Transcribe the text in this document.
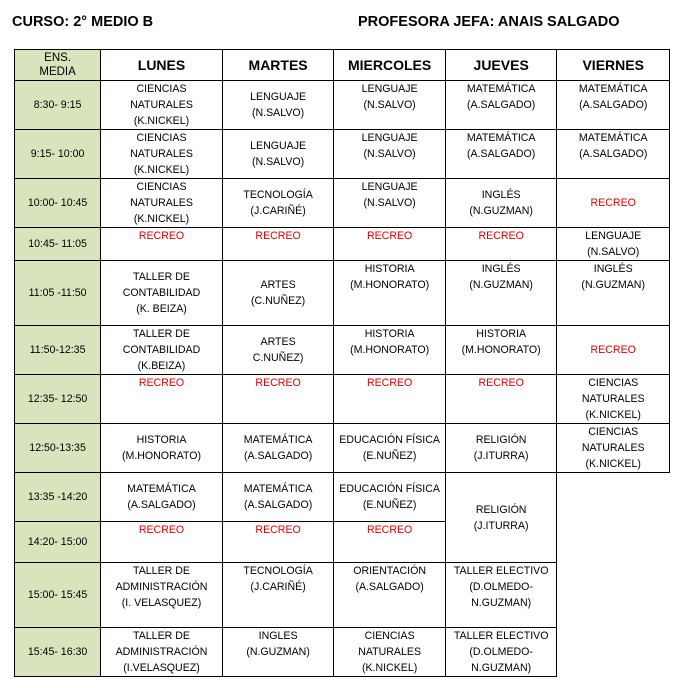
CURSO: 2° MEDIO B	PROFESORA JEFA: ANAIS SALGADO
ENS.
MEDIA	LUNES	MARTES	MIERCOLES	JUEVES	VIERNES
8:30- 9:15	CIENCIAS
NATURALES
(K.NICKEL)	LENGUAJE
(N.SALVO)	LENGUAJE
(N.SALVO)	MATEMÁTICA
(A.SALGADO)	MATEMÁTICA
(A.SALGADO)

9:15- 10:00	CIENCIAS
NATURALES
(K.NICKEL)	LENGUAJE
(N.SALVO)	LENGUAJE
(N.SALVO)	MATEMÁTICA
(A.SALGADO)	MATEMÁTICA
(A.SALGADO)

10:00- 10:45	CIENCIAS
NATURALES
(K.NICKEL)	TECNOLOGÍA
(J.CARIÑÉ)	LENGUAJE
(N.SALVO)	INGLÉS
(N.GUZMAN)	RECREO
10:45- 11:05	RECREO	RECREO	RECREO	RECREO	LENGUAJE
(N.SALVO)

11:05 -11:50	TALLER DE
CONTABILIDAD
(K. BEIZA)	ARTES
(C.NUÑEZ)	HISTORIA
(M.HONORATO)	INGLÉS
(N.GUZMAN)	INGLÉS
(N.GUZMAN)

11:50-12:35	TALLER DE
CONTABILIDAD
(K.BEIZA)	ARTES
C.NUÑEZ)	HISTORIA
(M.HONORATO)	HISTORIA
(M.HONORATO)	RECREO
12:35- 12:50	RECREO	RECREO	RECREO	RECREO	CIENCIAS
NATURALES
(K.NICKEL)

12:50-13:35	HISTORIA
(M.HONORATO)	MATEMÁTICA
(A.SALGADO)	EDUCACIÓN FÍSICA
(E.NUÑEZ)	RELIGIÓN
(J.ITURRA)	CIENCIAS
NATURALES
(K.NICKEL)

13:35 -14:20	MATEMÁTICA
(A.SALGADO)	MATEMÁTICA
(A.SALGADO)	EDUCACIÓN FÍSICA
(E.NUÑEZ)	RELIGIÓN
(J.ITURRA)	

14:20- 15:00	RECREO	RECREO	RECREO		
15:00- 15:45	TALLER DE
ADMINISTRACIÓN
(I. VELASQUEZ)	TECNOLOGÍA
(J.CARIÑÉ)	ORIENTACIÓN
(A.SALGADO)	TALLER ELECTIVO
(D.OLMEDO-
N.GUZMAN)	

15:45- 16:30	TALLER DE
ADMINISTRACIÓN
(I.VELASQUEZ)	INGLES
(N.GUZMAN)	CIENCIAS
NATURALES
(K.NICKEL)	TALLER ELECTIVO
(D.OLMEDO-
N.GUZMAN)	
